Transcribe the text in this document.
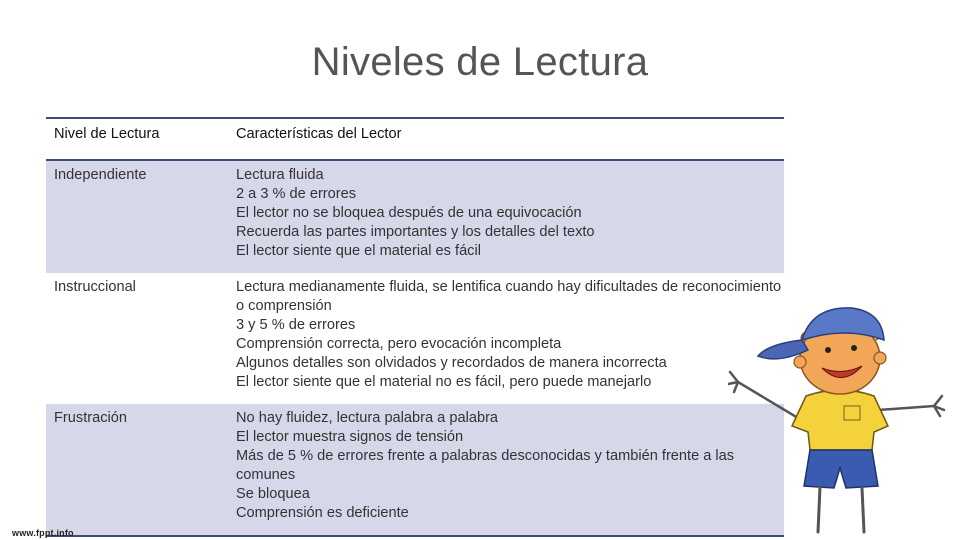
Niveles de Lectura
Nivel de Lectura	Características del Lector

Independiente	Lectura fluida
2 a 3 % de errores
El lector no se bloquea después de una equivocación
Recuerda las partes importantes y los detalles del texto
El lector siente que el material es fácil

Instruccional	Lectura medianamente fluida, se lentifica cuando hay dificultades de reconocimiento o comprensión
3 y 5 % de errores
Comprensión correcta, pero evocación incompleta
Algunos detalles son olvidados y recordados de manera incorrecta
El lector siente que el material no es fácil, pero puede manejarlo

Frustración	No hay fluidez, lectura palabra a palabra
El lector muestra signos de tensión
Más de 5 % de errores frente a palabras desconocidas y también frente a las comunes
Se bloquea
Comprensión es deficiente
www.fppt.info
